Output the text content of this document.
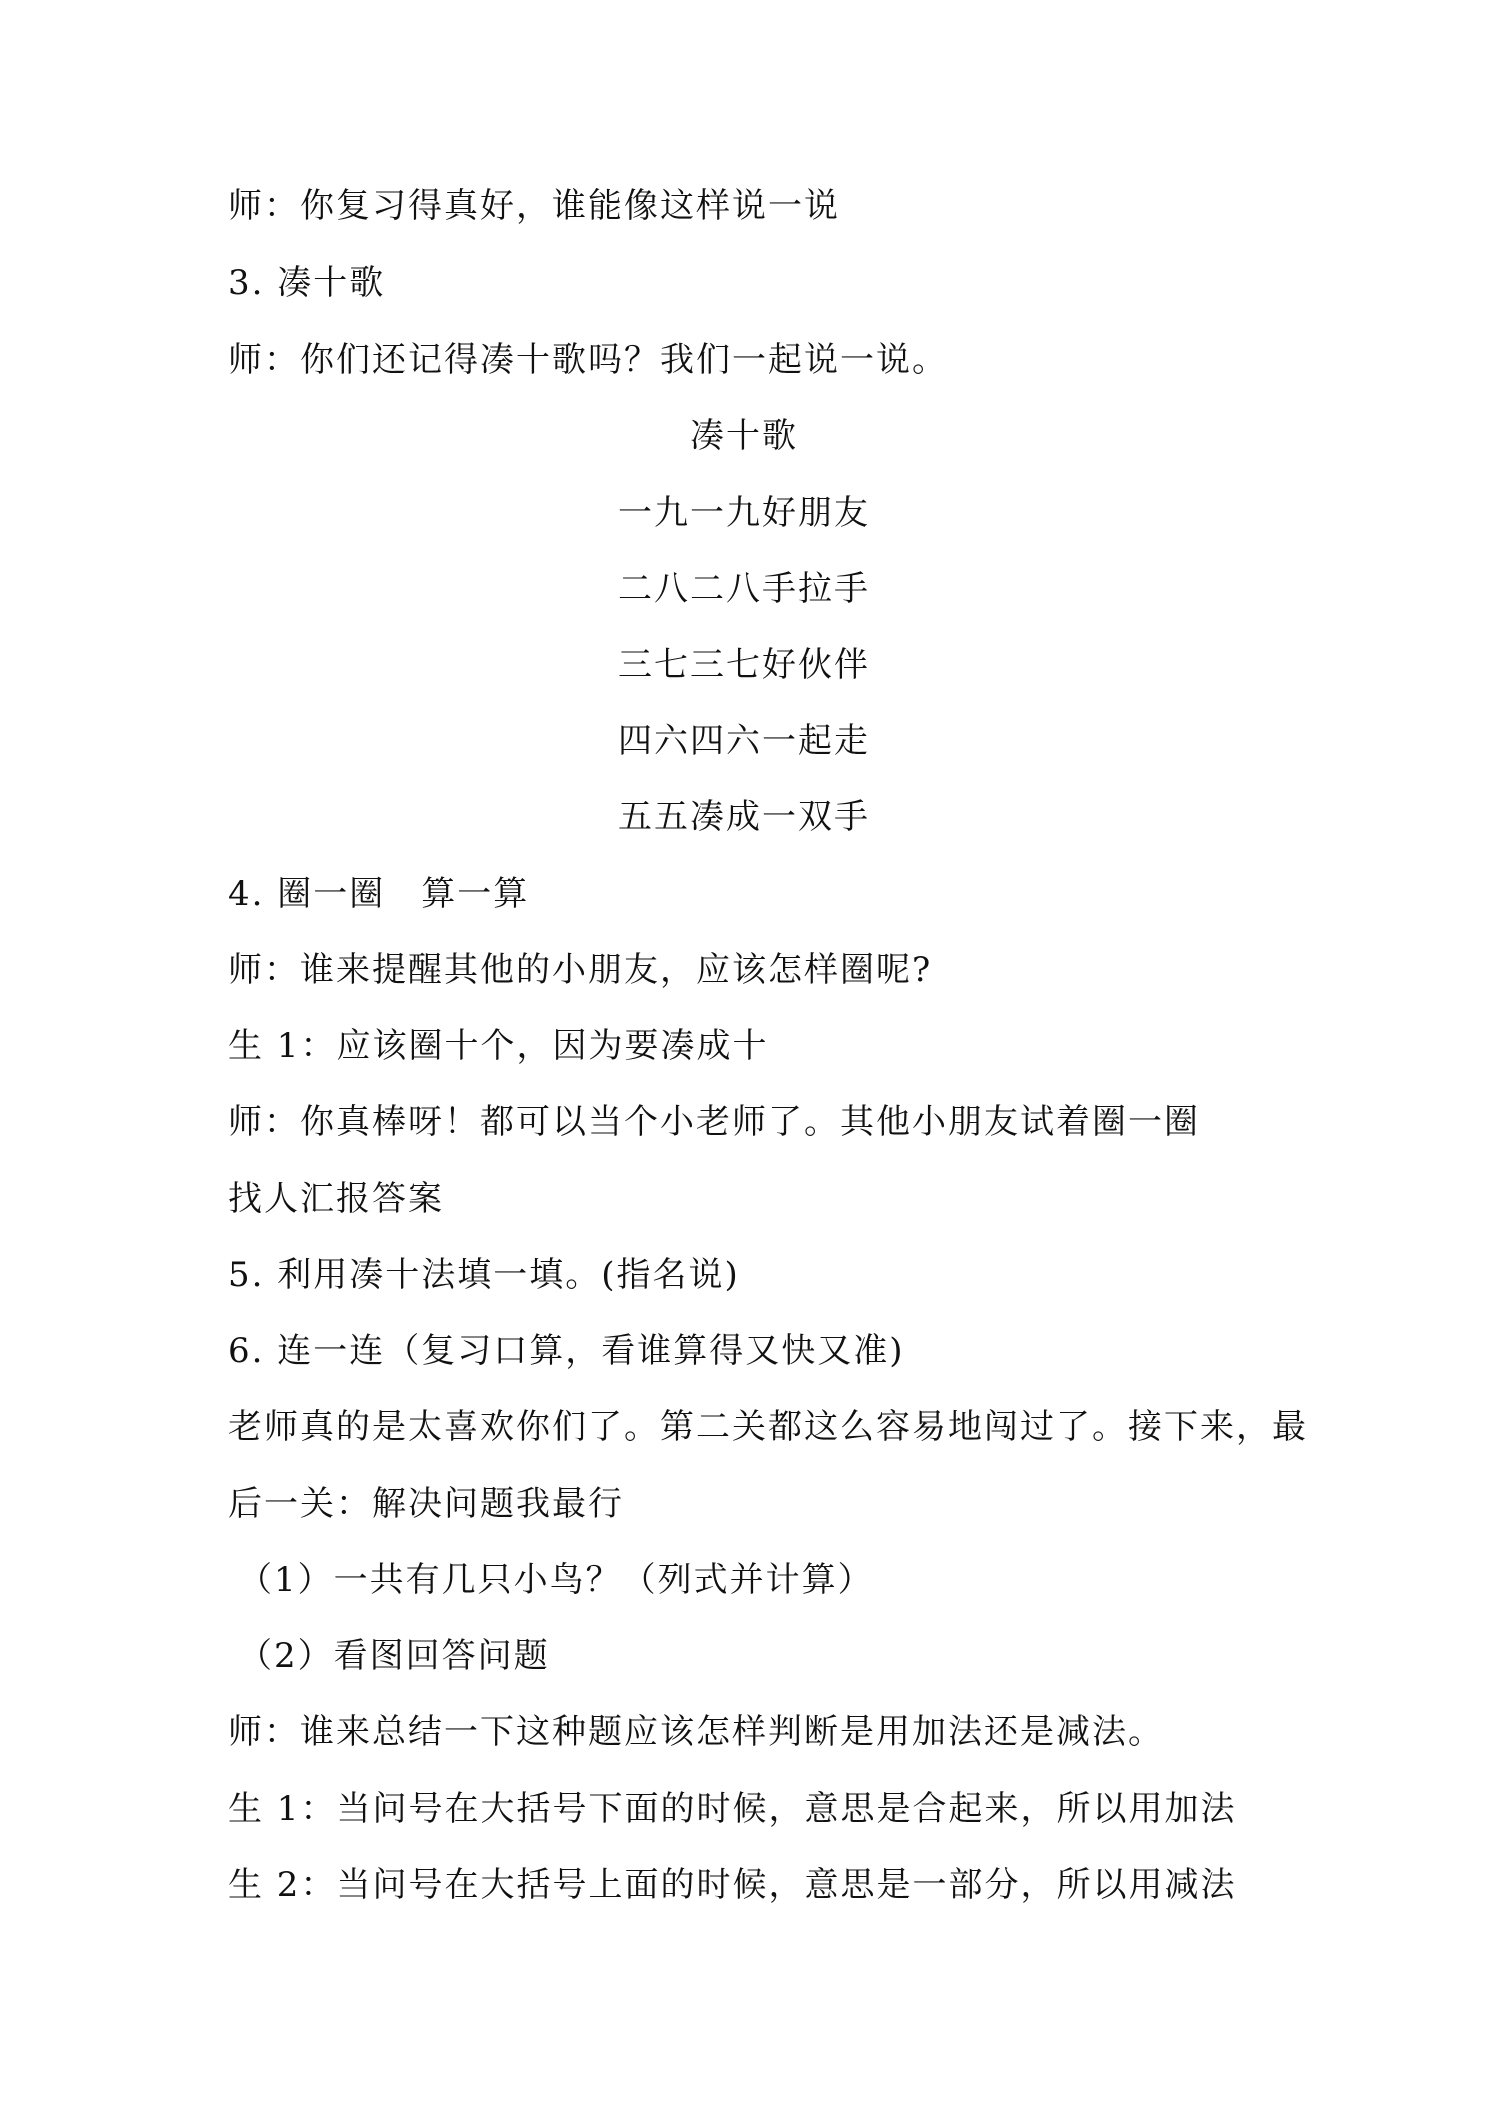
师：你复习得真好，谁能像这样说一说
3. 凑十歌
师：你们还记得凑十歌吗？我们一起说一说。
凑十歌
一九一九好朋友
二八二八手拉手
三七三七好伙伴
四六四六一起走
五五凑成一双手
4. 圈一圈　算一算
师：谁来提醒其他的小朋友，应该怎样圈呢?
生 1：应该圈十个，因为要凑成十
师：你真棒呀！都可以当个小老师了。其他小朋友试着圈一圈
找人汇报答案
5. 利用凑十法填一填。(指名说)
6. 连一连（复习口算，看谁算得又快又准)
老师真的是太喜欢你们了。第二关都这么容易地闯过了。接下来，最
后一关：解决问题我最行
（1）一共有几只小鸟？（列式并计算）
（2）看图回答问题
师：谁来总结一下这种题应该怎样判断是用加法还是减法。
生 1：当问号在大括号下面的时候，意思是合起来，所以用加法
生 2：当问号在大括号上面的时候，意思是一部分，所以用减法
